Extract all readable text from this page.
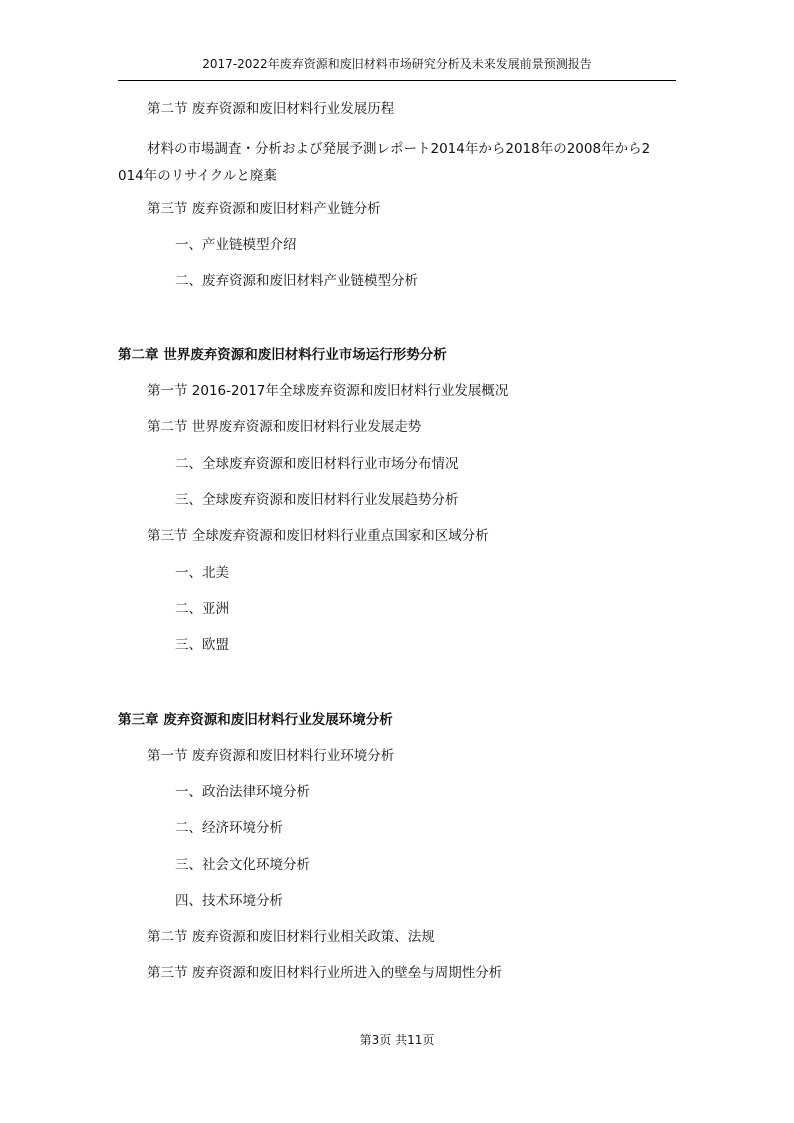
2017-2022年废弃资源和废旧材料市场研究分析及未来发展前景预测报告
第二节 废弃资源和废旧材料行业发展历程
材料の市場調査・分析および発展予測レポート2014年から2018年の2008年から2
014年のリサイクルと廃棄
第三节 废弃资源和废旧材料产业链分析
一、产业链模型介绍
二、废弃资源和废旧材料产业链模型分析
第二章 世界废弃资源和废旧材料行业市场运行形势分析
第一节 2016-2017年全球废弃资源和废旧材料行业发展概况
第二节 世界废弃资源和废旧材料行业发展走势
二、全球废弃资源和废旧材料行业市场分布情况
三、全球废弃资源和废旧材料行业发展趋势分析
第三节 全球废弃资源和废旧材料行业重点国家和区域分析
一、北美
二、亚洲
三、欧盟
第三章 废弃资源和废旧材料行业发展环境分析
第一节 废弃资源和废旧材料行业环境分析
一、政治法律环境分析
二、经济环境分析
三、社会文化环境分析
四、技术环境分析
第二节 废弃资源和废旧材料行业相关政策、法规
第三节 废弃资源和废旧材料行业所进入的壁垒与周期性分析
第3页 共11页
